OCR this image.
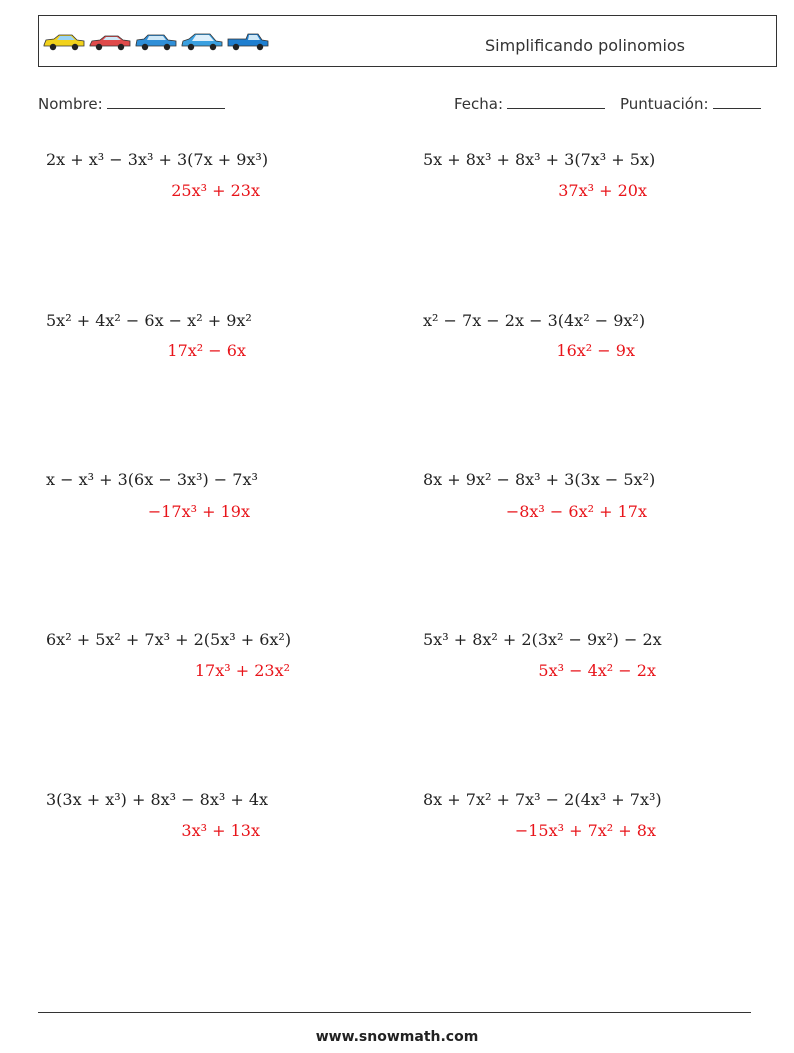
Simplificando polinomios
Nombre:	Fecha:	Puntuación:
2x + x³ − 3x³ + 3(7x + 9x³)
25x³ + 23x
5x² + 4x² − 6x − x² + 9x²
17x² − 6x
x − x³ + 3(6x − 3x³) − 7x³
−17x³ + 19x
6x² + 5x² + 7x³ + 2(5x³ + 6x²)
17x³ + 23x²
3(3x + x³) + 8x³ − 8x³ + 4x
3x³ + 13x
5x + 8x³ + 8x³ + 3(7x³ + 5x)
37x³ + 20x
x² − 7x − 2x − 3(4x² − 9x²)
16x² − 9x
8x + 9x² − 8x³ + 3(3x − 5x²)
−8x³ − 6x² + 17x
5x³ + 8x² + 2(3x² − 9x²) − 2x
5x³ − 4x² − 2x
8x + 7x² + 7x³ − 2(4x³ + 7x³)
−15x³ + 7x² + 8x
www.snowmath.com
